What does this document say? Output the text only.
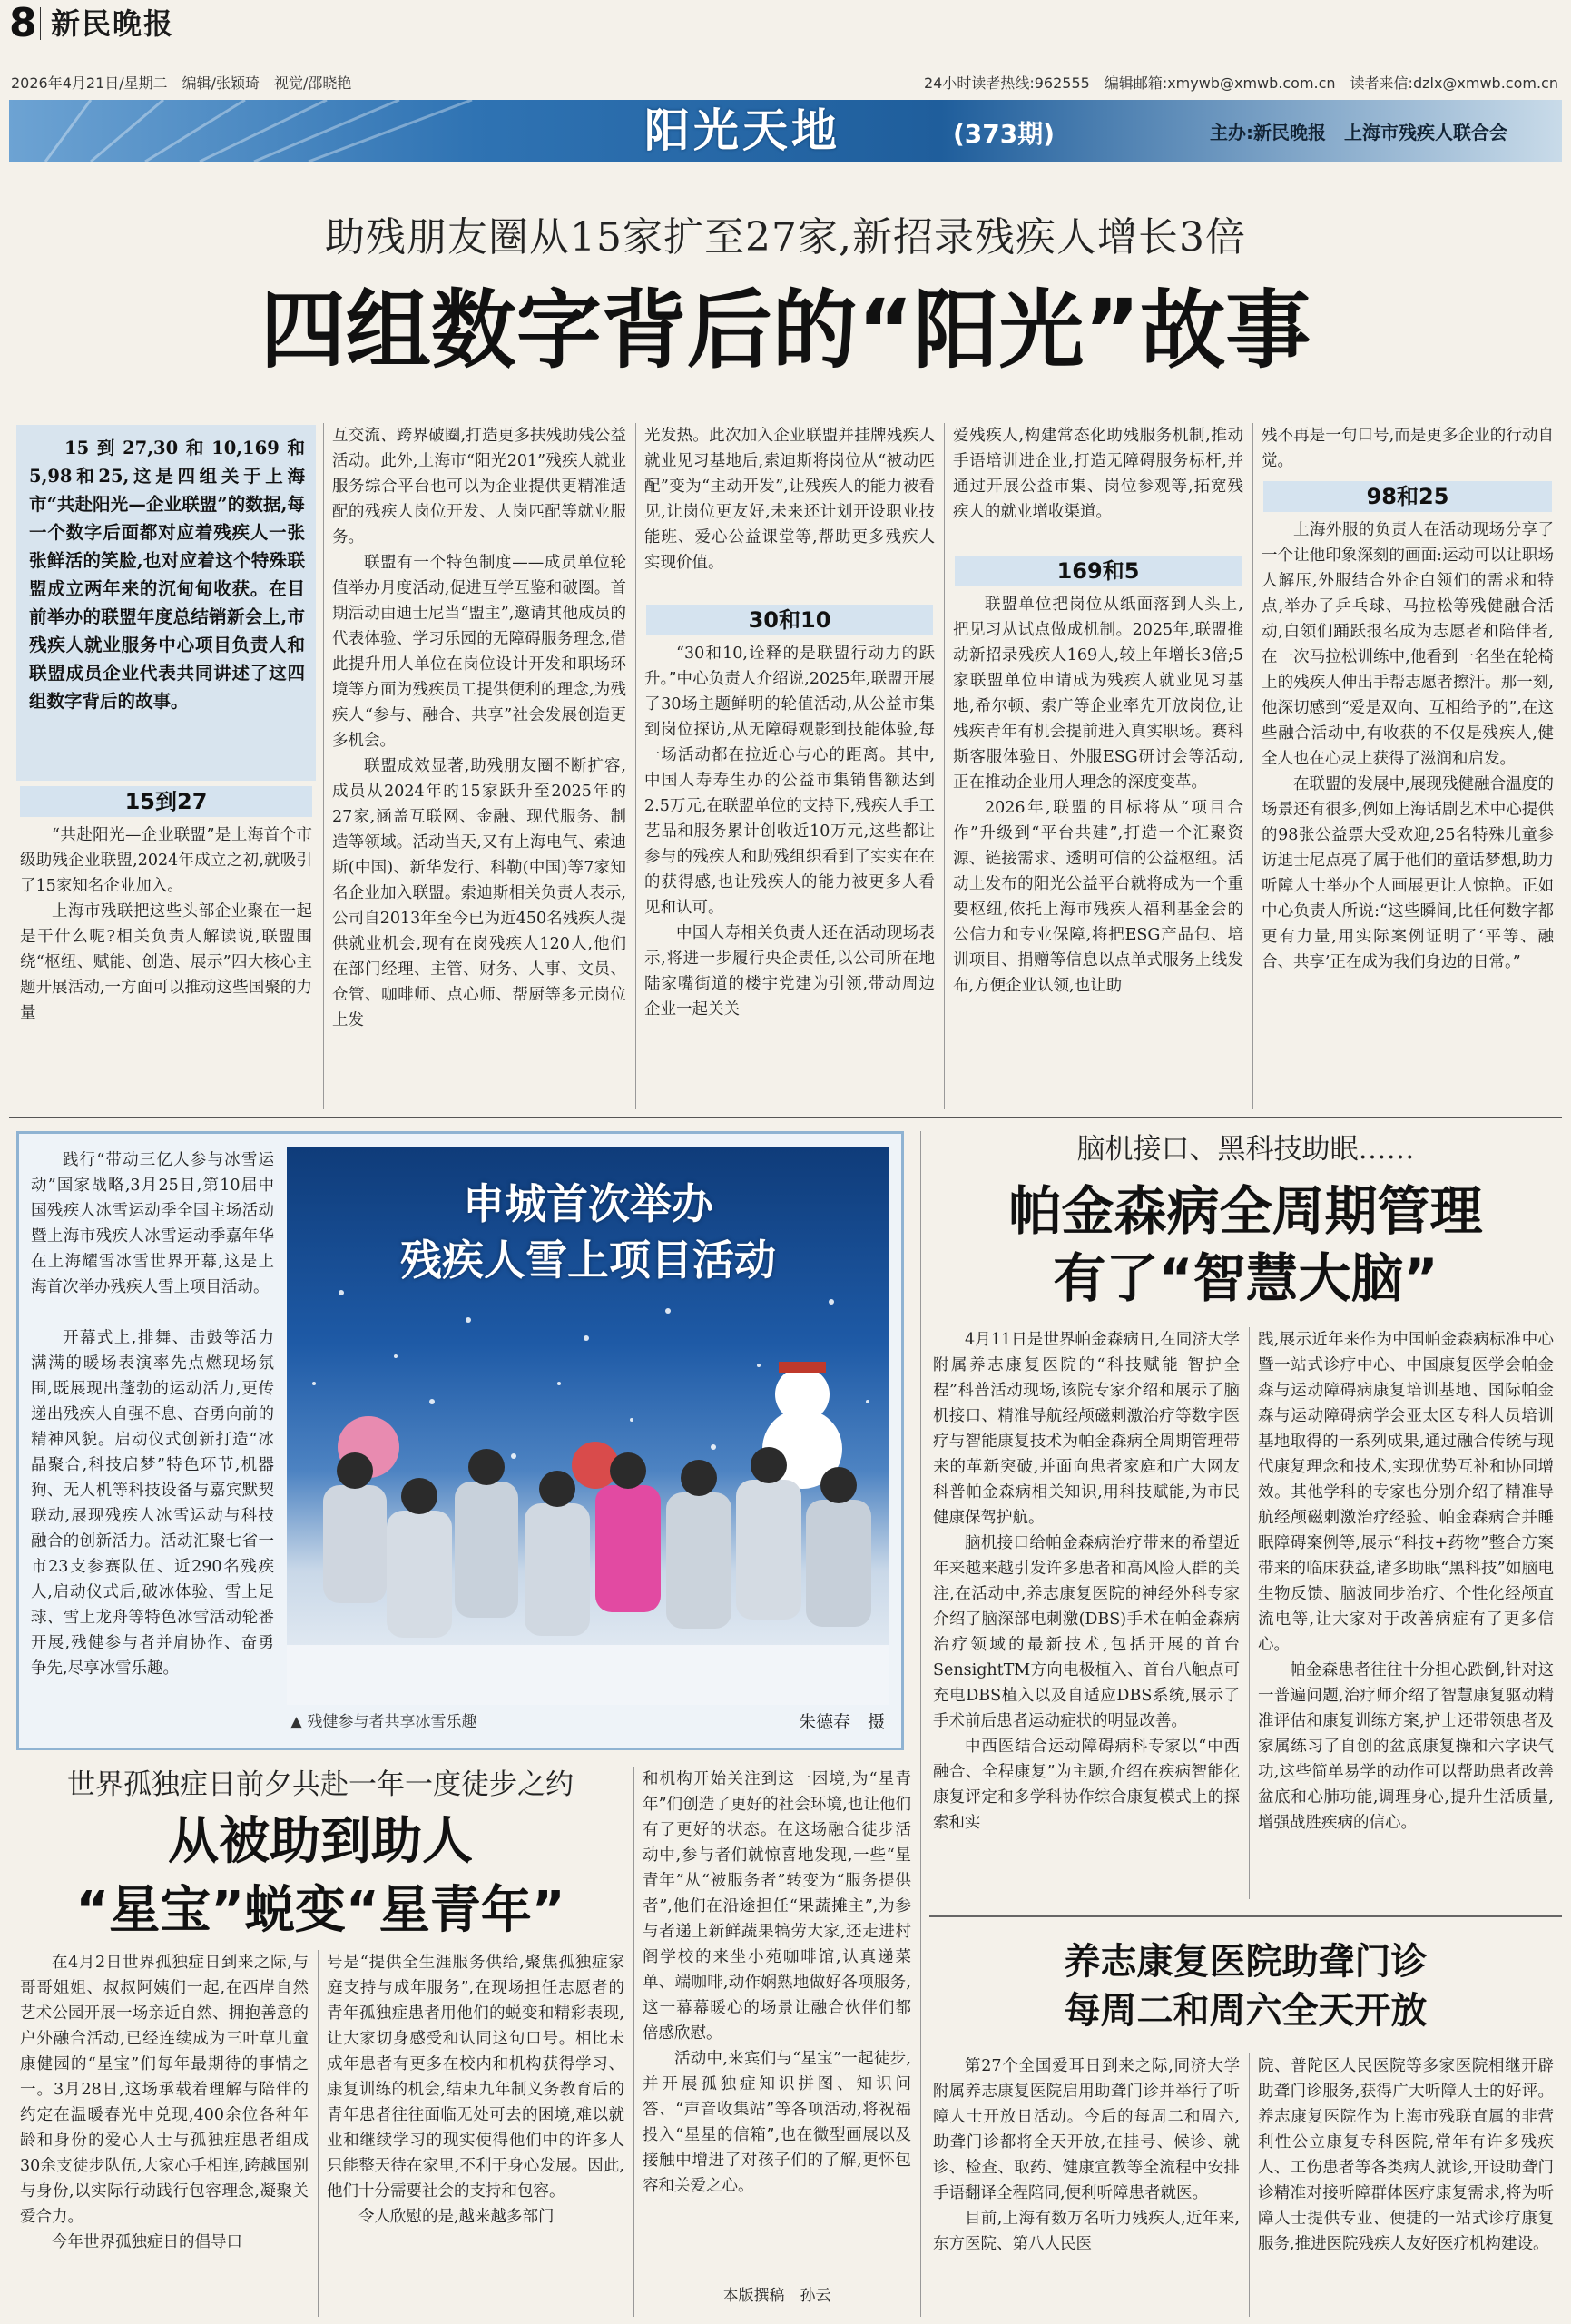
8 新民晚报
2026年4月21日/星期二　编辑/张颖琦　视觉/邵晓艳	24小时读者热线:962555　编辑邮箱:xmywb@xmwb.com.cn　读者来信:dzlx@xmwb.com.cn
阳光天地	(373期)	主办:新民晚报　上海市残疾人联合会
助残朋友圈从15家扩至27家,新招录残疾人增长3倍
四组数字背后的“阳光”故事

15到27,30和10,169和5,98和25,这是四组关于上海市“共赴阳光—企业联盟”的数据,每一个数字后面都对应着残疾人一张张鲜活的笑脸,也对应着这个特殊联盟成立两年来的沉甸甸收获。在目前举办的联盟年度总结销新会上,市残疾人就业服务中心项目负责人和联盟成员企业代表共同讲述了这四组数字背后的故事。

15到27

“共赴阳光—企业联盟”是上海首个市级助残企业联盟,2024年成立之初,就吸引了15家知名企业加入。

上海市残联把这些头部企业聚在一起是干什么呢?相关负责人解读说,联盟围绕“枢纽、赋能、创造、展示”四大核心主题开展活动,一方面可以推动这些国聚的力量

互交流、跨界破圈,打造更多扶残助残公益活动。此外,上海市“阳光201”残疾人就业服务综合平台也可以为企业提供更精准适配的残疾人岗位开发、人岗匹配等就业服务。

联盟有一个特色制度——成员单位轮值举办月度活动,促进互学互鉴和破圈。首期活动由迪士尼当“盟主”,邀请其他成员的代表体验、学习乐园的无障碍服务理念,借此提升用人单位在岗位设计开发和职场环境等方面为残疾员工提供便利的理念,为残疾人“参与、融合、共享”社会发展创造更多机会。

联盟成效显著,助残朋友圈不断扩容,成员从2024年的15家跃升至2025年的27家,涵盖互联网、金融、现代服务、制造等领域。活动当天,又有上海电气、索迪斯(中国)、新华发行、科勒(中国)等7家知名企业加入联盟。索迪斯相关负责人表示,公司自2013年至今已为近450名残疾人提供就业机会,现有在岗残疾人120人,他们在部门经理、主管、财务、人事、文员、仓管、咖啡师、点心师、帮厨等多元岗位上发

光发热。此次加入企业联盟并挂牌残疾人就业见习基地后,索迪斯将岗位从“被动匹配”变为“主动开发”,让残疾人的能力被看见,让岗位更友好,未来还计划开设职业技能班、爱心公益课堂等,帮助更多残疾人实现价值。

30和10

“30和10,诠释的是联盟行动力的跃升。”中心负责人介绍说,2025年,联盟开展了30场主题鲜明的轮值活动,从公益市集到岗位探访,从无障碍观影到技能体验,每一场活动都在拉近心与心的距离。其中,中国人寿寿生办的公益市集销售额达到2.5万元,在联盟单位的支持下,残疾人手工艺品和服务累计创收近10万元,这些都让参与的残疾人和助残组织看到了实实在在的获得感,也让残疾人的能力被更多人看见和认可。

中国人寿相关负责人还在活动现场表示,将进一步履行央企责任,以公司所在地陆家嘴街道的楼宇党建为引领,带动周边企业一起关关

爱残疾人,构建常态化助残服务机制,推动手语培训进企业,打造无障碍服务标杆,并通过开展公益市集、岗位参观等,拓宽残疾人的就业增收渠道。

169和5

联盟单位把岗位从纸面落到人头上,把见习从试点做成机制。2025年,联盟推动新招录残疾人169人,较上年增长3倍;5家联盟单位申请成为残疾人就业见习基地,希尔顿、索广等企业率先开放岗位,让残疾青年有机会提前进入真实职场。赛科斯客服体验日、外服ESG研讨会等活动,正在推动企业用人理念的深度变革。

2026年,联盟的目标将从“项目合作”升级到“平台共建”,打造一个汇聚资源、链接需求、透明可信的公益枢纽。活动上发布的阳光公益平台就将成为一个重要枢纽,依托上海市残疾人福利基金会的公信力和专业保障,将把ESG产品包、培训项目、捐赠等信息以点单式服务上线发布,方便企业认领,也让助

残不再是一句口号,而是更多企业的行动自觉。

98和25

上海外服的负责人在活动现场分享了一个让他印象深刻的画面:运动可以让职场人解压,外服结合外企白领们的需求和特点,举办了乒乓球、马拉松等残健融合活动,白领们踊跃报名成为志愿者和陪伴者,在一次马拉松训练中,他看到一名坐在轮椅上的残疾人伸出手帮志愿者擦汗。那一刻,他深切感到“爱是双向、互相给予的”,在这些融合活动中,有收获的不仅是残疾人,健全人也在心灵上获得了滋润和启发。

在联盟的发展中,展现残健融合温度的场景还有很多,例如上海话剧艺术中心提供的98张公益票大受欢迎,25名特殊儿童参访迪士尼点亮了属于他们的童话梦想,助力听障人士举办个人画展更让人惊艳。正如中心负责人所说:“这些瞬间,比任何数字都更有力量,用实际案例证明了‘平等、融合、共享’正在成为我们身边的日常。”

践行“带动三亿人参与冰雪运动”国家战略,3月25日,第10届中国残疾人冰雪运动季全国主场活动暨上海市残疾人冰雪运动季嘉年华在上海耀雪冰雪世界开幕,这是上海首次举办残疾人雪上项目活动。

开幕式上,排舞、击鼓等活力满满的暖场表演率先点燃现场氛围,既展现出蓬勃的运动活力,更传递出残疾人自强不息、奋勇向前的精神风貌。启动仪式创新打造“冰晶聚合,科技启梦”特色环节,机器狗、无人机等科技设备与嘉宾默契联动,展现残疾人冰雪运动与科技融合的创新活力。活动汇聚七省一市23支参赛队伍、近290名残疾人,启动仪式后,破冰体验、雪上足球、雪上龙舟等特色冰雪活动轮番开展,残健参与者并肩协作、奋勇争先,尽享冰雪乐趣。

申城首次举办
残疾人雪上项目活动
▲ 残健参与者共享冰雪乐趣	朱德春　摄
世界孤独症日前夕共赴一年一度徒步之约
从被助到助人
“星宝”蜕变“星青年”

在4月2日世界孤独症日到来之际,与哥哥姐姐、叔叔阿姨们一起,在西岸自然艺术公园开展一场亲近自然、拥抱善意的户外融合活动,已经连续成为三叶草儿童康健园的“星宝”们每年最期待的事情之一。3月28日,这场承载着理解与陪伴的约定在温暖春光中兑现,400余位各种年龄和身份的爱心人士与孤独症患者组成30余支徒步队伍,大家心手相连,跨越国别与身份,以实际行动践行包容理念,凝聚关爱合力。

今年世界孤独症日的倡导口

号是“提供全生涯服务供给,聚焦孤独症家庭支持与成年服务”,在现场担任志愿者的青年孤独症患者用他们的蜕变和精彩表现,让大家切身感受和认同这句口号。相比未成年患者有更多在校内和机构获得学习、康复训练的机会,结束九年制义务教育后的青年患者往往面临无处可去的困境,难以就业和继续学习的现实使得他们中的许多人只能整天待在家里,不利于身心发展。因此,他们十分需要社会的支持和包容。

令人欣慰的是,越来越多部门

和机构开始关注到这一困境,为“星青年”们创造了更好的社会环境,也让他们有了更好的状态。在这场融合徒步活动中,参与者们就惊喜地发现,一些“星青年”从“被服务者”转变为“服务提供者”,他们在沿途担任“果蔬摊主”,为参与者递上新鲜蔬果犒劳大家,还走进村阁学校的来坐小苑咖啡馆,认真递菜单、端咖啡,动作娴熟地做好各项服务,这一幕幕暖心的场景让融合伙伴们都倍感欣慰。

活动中,来宾们与“星宝”一起徒步,并开展孤独症知识拼图、知识问答、“声音收集站”等各项活动,将祝福投入“星星的信箱”,也在微型画展以及接触中增进了对孩子们的了解,更怀包容和关爱之心。

本版撰稿　孙云
脑机接口、黑科技助眠……
帕金森病全周期管理
有了“智慧大脑”

4月11日是世界帕金森病日,在同济大学附属养志康复医院的“科技赋能 智护全程”科普活动现场,该院专家介绍和展示了脑机接口、精准导航经颅磁刺激治疗等数字医疗与智能康复技术为帕金森病全周期管理带来的革新突破,并面向患者家庭和广大网友科普帕金森病相关知识,用科技赋能,为市民健康保驾护航。

脑机接口给帕金森病治疗带来的希望近年来越来越引发许多患者和高风险人群的关注,在活动中,养志康复医院的神经外科专家介绍了脑深部电刺激(DBS)手术在帕金森病治疗领域的最新技术,包括开展的首台SensightTM方向电极植入、首台八触点可充电DBS植入以及自适应DBS系统,展示了手术前后患者运动症状的明显改善。

中西医结合运动障碍病科专家以“中西融合、全程康复”为主题,介绍在疾病智能化康复评定和多学科协作综合康复模式上的探索和实

践,展示近年来作为中国帕金森病标准中心暨一站式诊疗中心、中国康复医学会帕金森与运动障碍病康复培训基地、国际帕金森与运动障碍病学会亚太区专科人员培训基地取得的一系列成果,通过融合传统与现代康复理念和技术,实现优势互补和协同增效。其他学科的专家也分别介绍了精准导航经颅磁刺激治疗经验、帕金森病合并睡眠障碍案例等,展示“科技+药物”整合方案带来的临床获益,诸多助眠“黑科技”如脑电生物反馈、脑波同步治疗、个性化经颅直流电等,让大家对于改善病症有了更多信心。

帕金森患者往往十分担心跌倒,针对这一普遍问题,治疗师介绍了智慧康复驱动精准评估和康复训练方案,护士还带领患者及家属练习了自创的盆底康复操和六字诀气功,这些简单易学的动作可以帮助患者改善盆底和心肺功能,调理身心,提升生活质量,增强战胜疾病的信心。

养志康复医院助聋门诊
每周二和周六全天开放

第27个全国爱耳日到来之际,同济大学附属养志康复医院启用助聋门诊并举行了听障人士开放日活动。今后的每周二和周六,助聋门诊都将全天开放,在挂号、候诊、就诊、检查、取药、健康宣教等全流程中安排手语翻译全程陪同,便利听障患者就医。

目前,上海有数万名听力残疾人,近年来,东方医院、第八人民医

院、普陀区人民医院等多家医院相继开辟助聋门诊服务,获得广大听障人士的好评。养志康复医院作为上海市残联直属的非营利性公立康复专科医院,常年有许多残疾人、工伤患者等各类病人就诊,开设助聋门诊精准对接听障群体医疗康复需求,将为听障人士提供专业、便捷的一站式诊疗康复服务,推进医院残疾人友好医疗机构建设。
